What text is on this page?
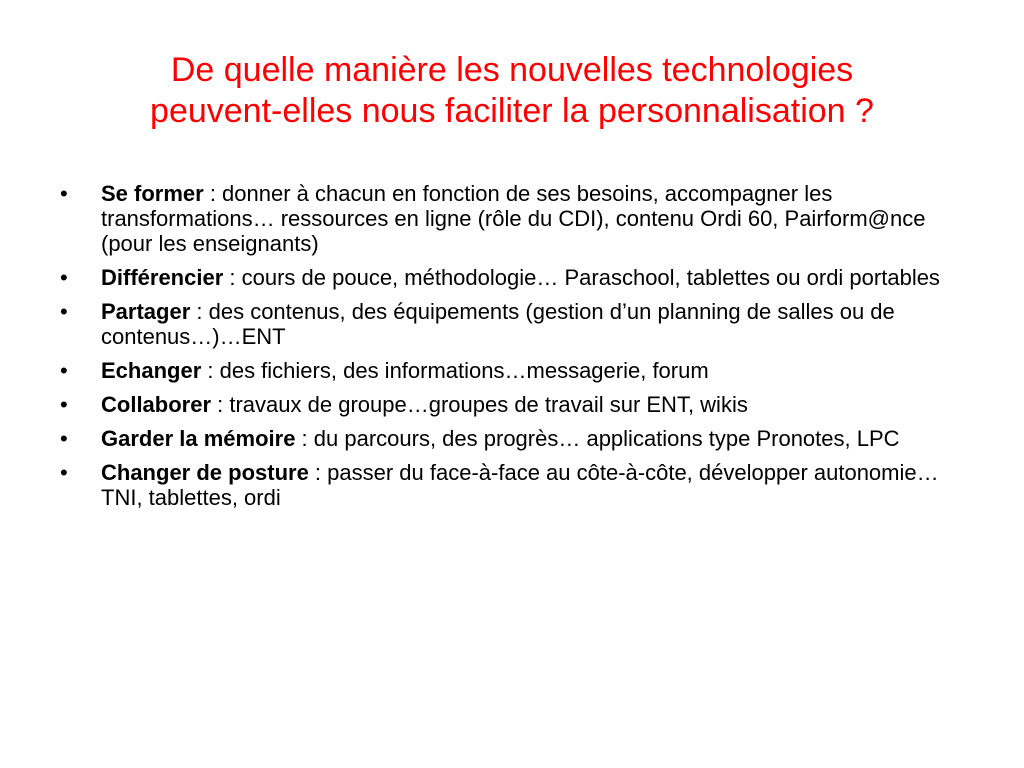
De quelle manière les nouvelles technologies
peuvent-elles nous faciliter la personnalisation ?
•	Se former : donner à chacun en fonction de ses besoins, accompagner les transformations… ressources en ligne (rôle du CDI), contenu Ordi 60, Pairform@nce (pour les enseignants)
•	Différencier : cours de pouce, méthodologie… Paraschool, tablettes ou ordi portables
•	Partager : des contenus, des équipements (gestion d’un planning de salles ou de contenus…)…ENT
•	Echanger : des fichiers, des informations…messagerie, forum
•	Collaborer : travaux de groupe…groupes de travail sur ENT, wikis
•	Garder la mémoire : du parcours, des progrès… applications type Pronotes, LPC
•	Changer de posture : passer du face-à-face au côte-à-côte, développer autonomie… TNI, tablettes, ordi
